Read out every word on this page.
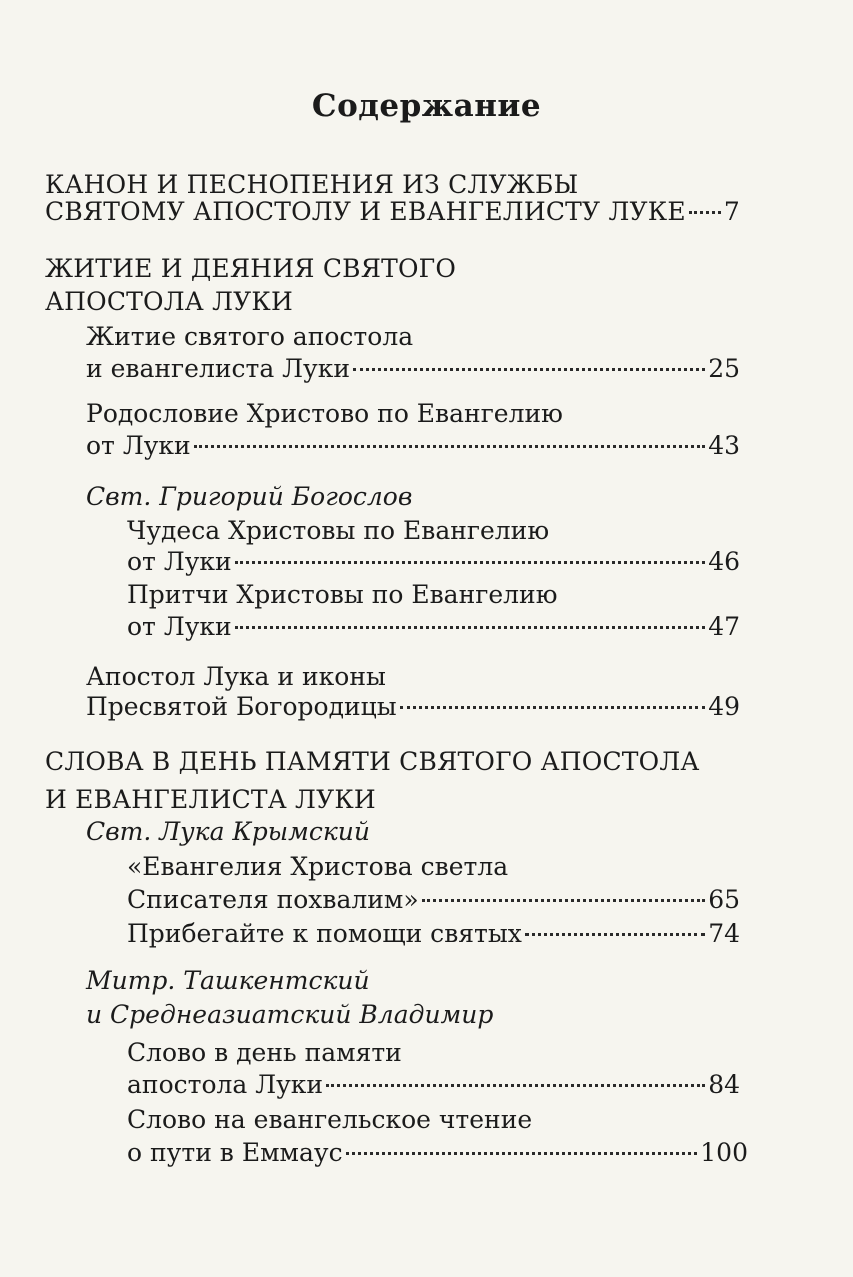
Содержание
КАНОН И ПЕСНОПЕНИЯ ИЗ СЛУЖБЫ
СВЯТОМУ АПОСТОЛУ И ЕВАНГЕЛИСТУ ЛУКЕ 7
ЖИТИЕ И ДЕЯНИЯ СВЯТОГО
АПОСТОЛА ЛУКИ
Житие святого апостола
и евангелиста Луки	25
Родословие Христово по Евангелию
от Луки	43
Свт. Григорий Богослов
Чудеса Христовы по Евангелию
от Луки	46
Притчи Христовы по Евангелию
от Луки	47
Апостол Лука и иконы
Пресвятой Богородицы	49
СЛОВА В ДЕНЬ ПАМЯТИ СВЯТОГО АПОСТОЛА
И ЕВАНГЕЛИСТА ЛУКИ
Свт. Лука Крымский
«Евангелия Христова светла
Списателя похвалим»	65
Прибегайте к помощи святых	74
Митр. Ташкентский
и Среднеазиатский Владимир
Слово в день памяти
апостола Луки	84
Слово на евангельское чтение
о пути в Еммаус	100
